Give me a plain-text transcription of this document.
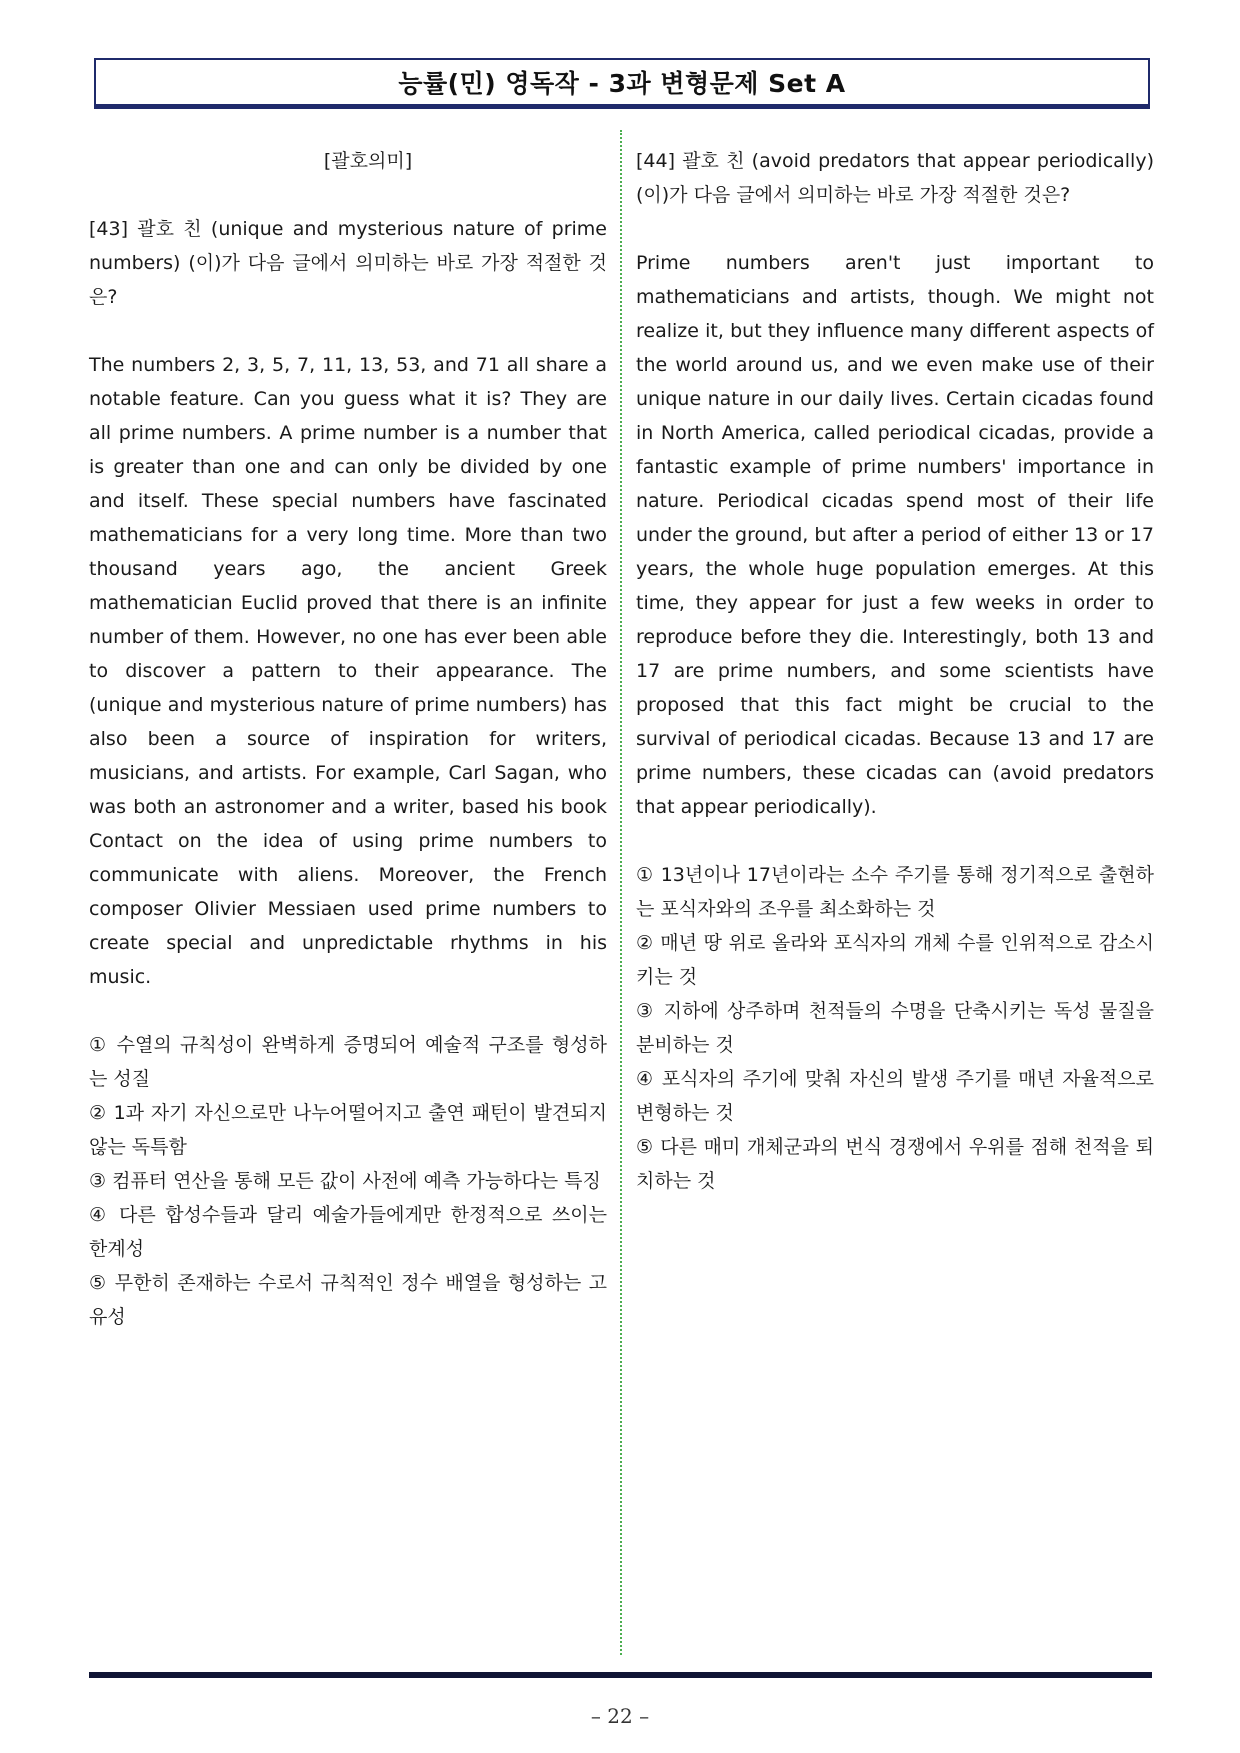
능률(민) 영독작 - 3과 변형문제 Set A

[괄호의미]

[43] 괄호 친 (unique and mysterious nature of prime numbers) (이)가 다음 글에서 의미하는 바로 가장 적절한 것은?

The numbers 2, 3, 5, 7, 11, 13, 53, and 71 all share a notable feature. Can you guess what it is? They are all prime numbers. A prime number is a number that is greater than one and can only be divided by one and itself. These special numbers have fascinated mathematicians for a very long time. More than two thousand years ago, the ancient Greek mathematician Euclid proved that there is an infinite number of them. However, no one has ever been able to discover a pattern to their appearance. The (unique and mysterious nature of prime numbers) has also been a source of inspiration for writers, musicians, and artists. For example, Carl Sagan, who was both an astronomer and a writer, based his book Contact on the idea of using prime numbers to communicate with aliens. Moreover, the French composer Olivier Messiaen used prime numbers to create special and unpredictable rhythms in his music.

① 수열의 규칙성이 완벽하게 증명되어 예술적 구조를 형성하는 성질

② 1과 자기 자신으로만 나누어떨어지고 출연 패턴이 발견되지 않는 독특함

③ 컴퓨터 연산을 통해 모든 값이 사전에 예측 가능하다는 특징

④ 다른 합성수들과 달리 예술가들에게만 한정적으로 쓰이는 한계성

⑤ 무한히 존재하는 수로서 규칙적인 정수 배열을 형성하는 고유성

[44] 괄호 친 (avoid predators that appear periodically) (이)가 다음 글에서 의미하는 바로 가장 적절한 것은?

Prime numbers aren't just important to mathematicians and artists, though. We might not realize it, but they influence many different aspects of the world around us, and we even make use of their unique nature in our daily lives. Certain cicadas found in North America, called periodical cicadas, provide a fantastic example of prime numbers' importance in nature. Periodical cicadas spend most of their life under the ground, but after a period of either 13 or 17 years, the whole huge population emerges. At this time, they appear for just a few weeks in order to reproduce before they die. Interestingly, both 13 and 17 are prime numbers, and some scientists have proposed that this fact might be crucial to the survival of periodical cicadas. Because 13 and 17 are prime numbers, these cicadas can (avoid predators that appear periodically).

① 13년이나 17년이라는 소수 주기를 통해 정기적으로 출현하는 포식자와의 조우를 최소화하는 것

② 매년 땅 위로 올라와 포식자의 개체 수를 인위적으로 감소시키는 것

③ 지하에 상주하며 천적들의 수명을 단축시키는 독성 물질을 분비하는 것

④ 포식자의 주기에 맞춰 자신의 발생 주기를 매년 자율적으로 변형하는 것

⑤ 다른 매미 개체군과의 번식 경쟁에서 우위를 점해 천적을 퇴치하는 것

– 22 –
